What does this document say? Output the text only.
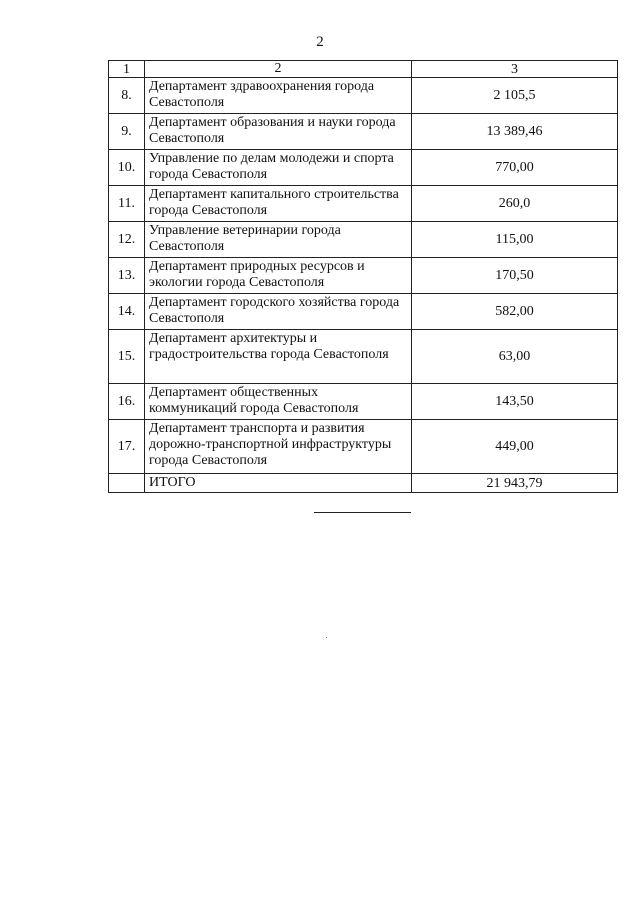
2
1	2	3
8.	Департамент здравоохранения города Севастополя	2 105,5
9.	Департамент образования и науки города Севастополя	13 389,46
10.	Управление по делам молодежи и спорта города Севастополя	770,00
11.	Департамент капитального строительства города Севастополя	260,0
12.	Управление ветеринарии города Севастополя	115,00
13.	Департамент природных ресурсов и экологии города Севастополя	170,50
14.	Департамент городского хозяйства города Севастополя	582,00
15.	Департамент архитектуры и градостроительства города Севастополя	63,00
16.	Департамент общественных коммуникаций города Севастополя	143,50
17.	Департамент транспорта и развития дорожно-транспортной инфраструктуры города Севастополя	449,00
	ИТОГО	21 943,79
